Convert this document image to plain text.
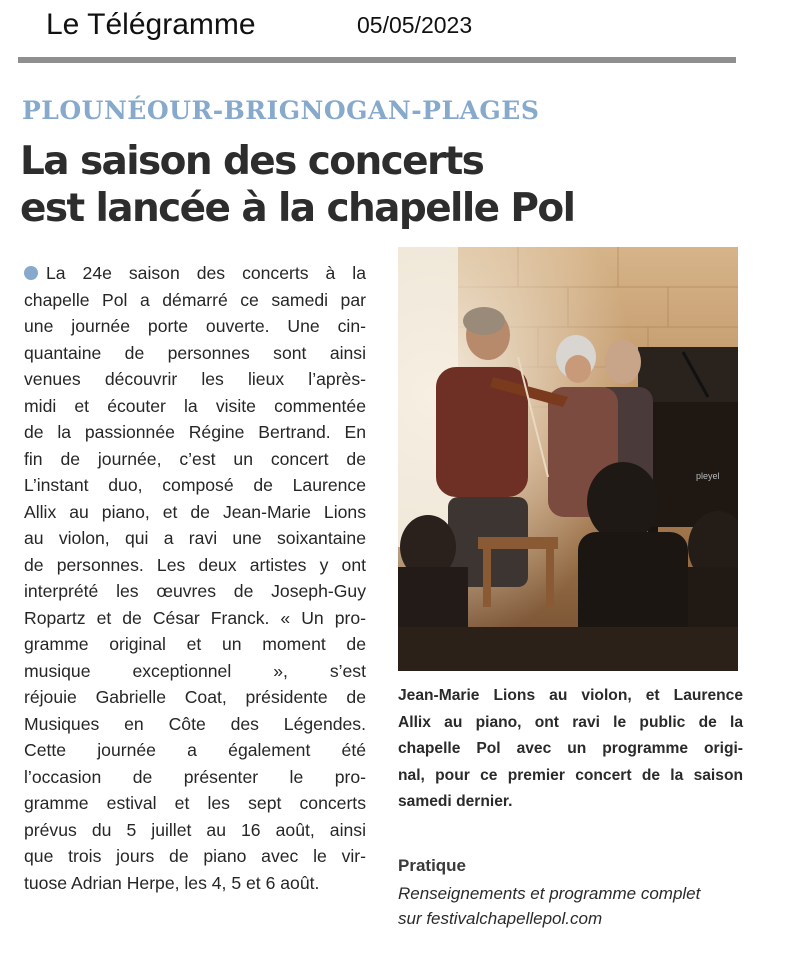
Le Télégramme	05/05/2023
PLOUNÉOUR-BRIGNOGAN-PLAGES
La saison des concerts
est lancée à la chapelle Pol
La 24e saison des concerts à la
chapelle Pol a démarré ce samedi par
une journée porte ouverte. Une cin-
quantaine de personnes sont ainsi
venues découvrir les lieux l’après-
midi et écouter la visite commentée
de la passionnée Régine Bertrand. En
fin de journée, c’est un concert de
L’instant duo, composé de Laurence
Allix au piano, et de Jean-Marie Lions
au violon, qui a ravi une soixantaine
de personnes. Les deux artistes y ont
interprété les œuvres de Joseph-Guy
Ropartz et de César Franck. « Un pro-
gramme original et un moment de
musique exceptionnel », s’est
réjouie Gabrielle Coat, présidente de
Musiques en Côte des Légendes.
Cette journée a également été
l’occasion de présenter le pro-
gramme estival et les sept concerts
prévus du 5 juillet au 16 août, ainsi
que trois jours de piano avec le vir-
tuose Adrian Herpe, les 4, 5 et 6 août.
pleyel
Jean-Marie Lions au violon, et Laurence
Allix au piano, ont ravi le public de la
chapelle Pol avec un programme origi-
nal, pour ce premier concert de la saison
samedi dernier.
Pratique
Renseignements et programme complet
sur festivalchapellepol.com
